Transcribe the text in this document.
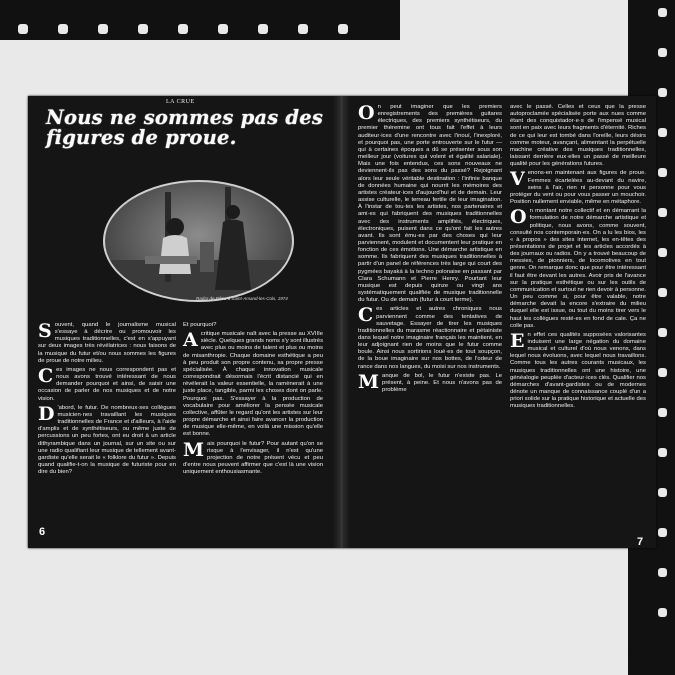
LA CRUE
Nous ne sommes pas des figures de proue.
Radar de Pâtre à Saint-Amand-les-Cols, 1974

Souvent, quand le journalisme musical s'essaye à décrire ou promouvoir les musiques traditionnelles, c'est en s'appuyant sur deux images très révélatrices : nous faisons de la musique du futur et/ou nous sommes les figures de proue de notre milieu.

Ces images ne nous correspondent pas et nous avons trouvé intéressant de nous demander pourquoi et ainsi, de saisir une occasion de parler de nos musiques et de notre vision.

D 'abord, le futur. De nombreux·ses collègues musicien·nes travaillant les musiques traditionnelles de France et d'ailleurs, à l'aide d'amplis et de synthétiseurs, ou même juste de percussions un peu fortes, ont eu droit à un article dithyrambique dans un journal, sur un site ou sur une radio qualifiant leur musique de tellement avant-gardiste qu'elle serait le « folklore du futur ». Depuis quand qualifie-t-on la musique de futuriste pour en dire du bien?

Et pourquoi?

A critique musicale naît avec la presse au XVIIIe siècle. Quelques grands noms s'y sont illustrés avec plus ou moins de talent et plus ou moins de misanthropie. Chaque domaine esthétique a peu à peu produit son propre contenu, sa propre presse spécialisée. À chaque innovation musicale correspondrait désormais l'écrit distancié qui en révélerait la valeur essentielle, la ramènerait à une juste place, tangible, parmi les choses dont on parle. Pourquoi pas. S'essayer à la production de vocabulaire pour améliorer la pensée musicale collective, affûter le regard qu'ont les artistes sur leur propre démarche et ainsi faire avancer la production de musique elle-même, en voilà une mission qu'elle est bonne.

Mais pourquoi le futur? Pour autant qu'on se risque à l'envisager, il n'est qu'une projection de notre présent vécu et peu d'entre nous peuvent affirmer que c'est là une vision uniquement enthousiasmante.

6

On peut imaginer que les premiers enregistrements des premières guitares électriques, des premiers synthétiseurs, du premier théremine ont tous fait l'effet à leurs auditeur·ices d'une rencontre avec l'inouï, l'inexploré, et pourquoi pas, une porte entrouverte sur le futur — qui à certaines époques a dû se présenter sous son meilleur jour (voitures qui volent et égalité salariale). Mais une fois entendus, ces sons nouveaux ne deviennent-ils pas des sons du passé? Rejoignant alors leur seule véritable destination : l'infinie banque de données humaine qui nourrit les mémoires des artistes créateur·ices d'aujourd'hui et de demain. Leur assise culturelle, le terreau fertile de leur imagination. À l'instar de tou·tes les artistes, nos partenaires et ami·es qui fabriquent des musiques traditionnelles avec des instruments amplifiés, électriques, électroniques, puisent dans ce qu'ont fait les autres avant. Ils sont ému·es par des choses qui leur parviennent, modulent et documentent leur pratique en fonction de ces émotions. Une démarche artistique en somme. Ils fabriquent des musiques traditionnelles à partir d'un panel de références très large qui court des pygmées bayaká à la techno polonaise en passant par Clara Schumann et Pierre Henry. Pourtant leur musique est depuis quinze ou vingt ans systématiquement qualifiée de musique traditionnelle du futur. Ou de demain (futur à court terme).

Ces articles et autres chroniques nous parviennent comme des tentatives de sauvetage. Essayer de tirer les musiques traditionnelles du marasme réactionnaire et pétainiste dans lequel notre imaginaire français les maintient, en leur adjoignant rien de moins que le futur comme boule. Ainsi nous sortirions loué·es de tout soupçon, de la boue imaginaire sur nos bottes, de l'odeur de rance dans nos langues, du moisi sur nos instruments.

Manque de bol, le futur n'existe pas. Le présent, à peine. Et nous n'avons pas de problème

avec le passé. Celles et ceux que la presse autoproclamée spécialisée porte aux nues comme étant des conquistador·e·s de l'impensé musical sont en paix avec leurs fragments d'éternité. Riches de ce qui leur est tombé dans l'oreille, leurs désirs comme moteur, avançant, alimentant la perpétuelle machine créative des musiques traditionnelles, laissant derrière eux·elles un passé de meilleure qualité pour les générations futures.

Venons-en maintenant aux figures de proue. Femmes écartelées au-devant du navire, seins à l'air, rien ni personne pour vous protéger du vent ou pour vous passer un mouchoir. Position nullement enviable, même en métaphore.

On montant notre collectif et en démarrant la formulation de notre démarche artistique et politique, nous avons, comme souvent, consulté nos contemporain·es. On a lu les bios, les « à propos » des sites internet, les en-têtes des présentations de projet et les articles accordés à des journaux ou radios. On y a trouvé beaucoup de messies, de pionniers, de locomotives en tout genre. On remarque donc que pour être intéressant il faut être devant les autres. Avoir pris de l'avance sur la pratique esthétique ou sur les outils de communication et surtout ne rien devoir à personne. Un peu comme si, pour être valable, notre démarche devait la encore s'extraire du milieu duquel elle est issue, ou tout du moins tirer vers le haut les collègues resté·es en fond de cale. Ça ne colle pas.

En effet ces qualités supposées valorisantes induisent une large négation du domaine musical et culturel d'où nous venons, dans lequel nous évoluons, avec lequel nous travaillons. Comme tous les autres courants musicaux, les musiques traditionnelles ont une histoire, une généalogie peuplée d'acteur·ices clés. Qualifier nos démarches d'avant-gardistes ou de modernes dénote un manque de connaissance couplé d'un a priori solide sur la pratique historique et actuelle des musiques traditionnelles.

7
LS
